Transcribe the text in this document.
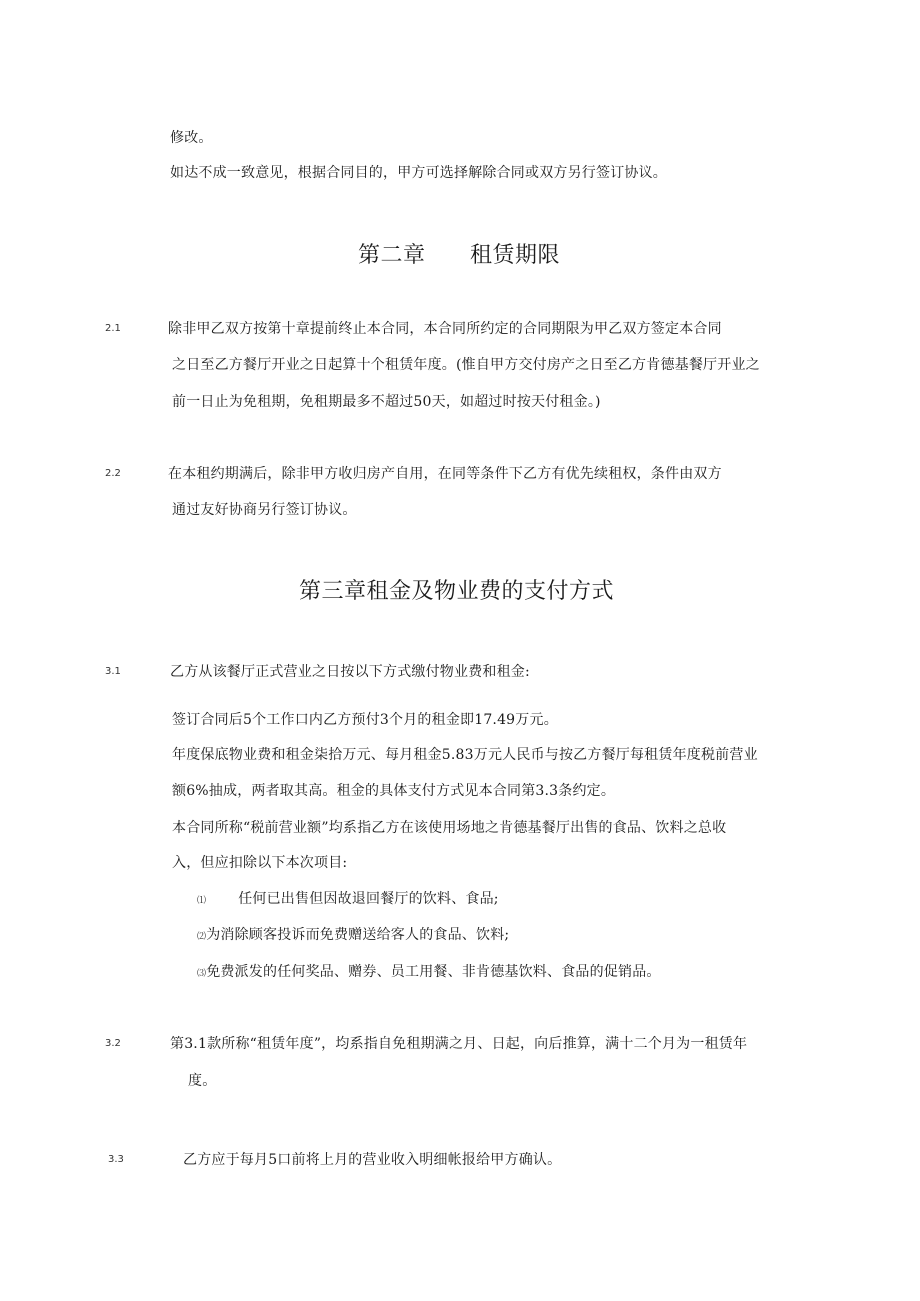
修改。
如达不成一致意见，根据合同目的，甲方可选择解除合同或双方另行签订协议。
第二章 租赁期限
2.1	除非甲乙双方按第十章提前终止本合同，本合同所约定的合同期限为甲乙双方签定本合同
之日至乙方餐厅开业之日起算十个租赁年度。(惟自甲方交付房产之日至乙方肯德基餐厅开业之
前一日止为免租期，免租期最多不超过50天，如超过时按天付租金。)
2.2	在本租约期满后，除非甲方收归房产自用，在同等条件下乙方有优先续租权，条件由双方
通过友好协商另行签订协议。
第三章租金及物业费的支付方式
3.1	乙方从该餐厅正式营业之日按以下方式缴付物业费和租金:
签订合同后5个工作口内乙方预付3个月的租金即17.49万元。
年度保底物业费和租金柒拾万元、每月租金5.83万元人民币与按乙方餐厅每租赁年度税前营业
额6%抽成，两者取其高。租金的具体支付方式见本合同第3.3条约定。
本合同所称“税前营业额”均系指乙方在该使用场地之肯德基餐厅出售的食品、饮料之总收
入，但应扣除以下本次项目:
⑴ 任何已出售但因故退回餐厅的饮料、食品;
⑵为消除顾客投诉而免费赠送给客人的食品、饮料;
⑶免费派发的任何奖品、赠券、员工用餐、非肯德基饮料、食品的促销品。
3.2	第3.1款所称“租赁年度”，均系指自免租期满之月、日起，向后推算，满十二个月为一租赁年
度。
3.3	乙方应于每月5口前将上月的营业收入明细帐报给甲方确认。
